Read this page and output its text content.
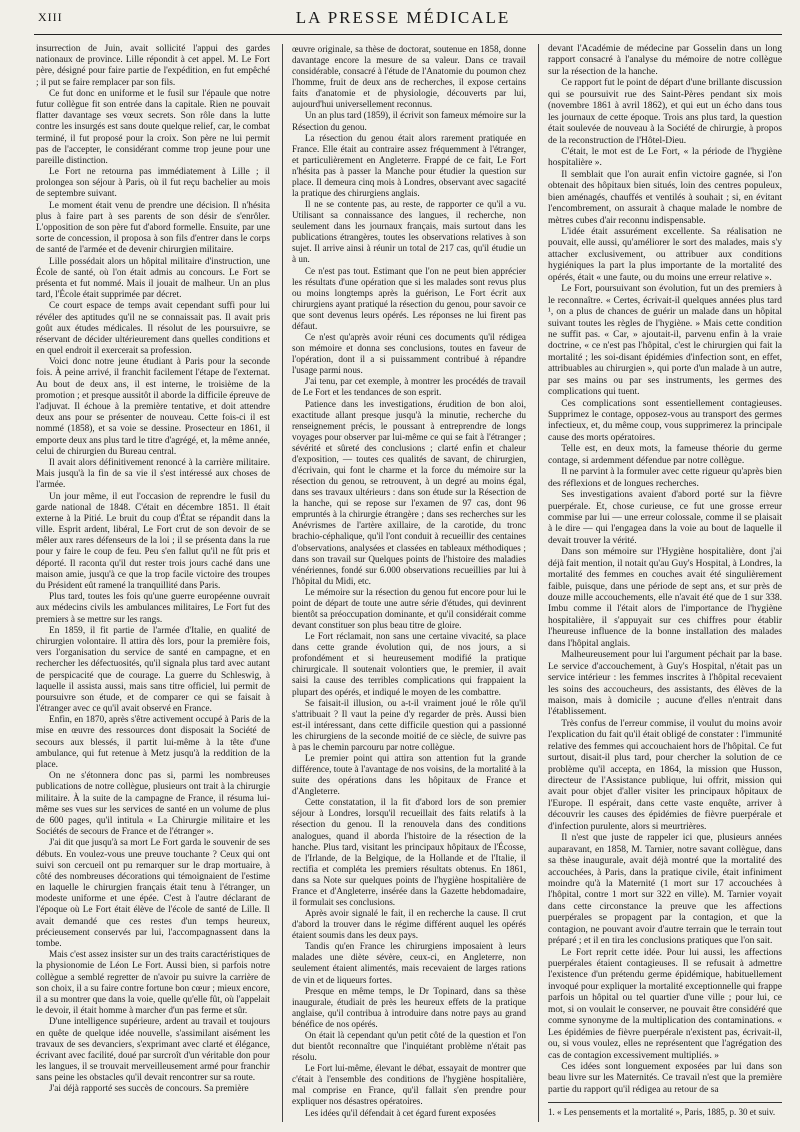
XIII	LA PRESSE MÉDICALE

insurrection de Juin, avait sollicité l'appui des gardes nationaux de province. Lille répondit à cet appel. M. Le Fort père, désigné pour faire partie de l'expédition, en fut empêché ; il put se faire remplacer par son fils.

Ce fut donc en uniforme et le fusil sur l'épaule que notre futur collègue fit son entrée dans la capitale. Rien ne pouvait flatter davantage ses vœux secrets. Son rôle dans la lutte contre les insurgés est sans doute quelque relief, car, le combat terminé, il fut proposé pour la croix. Son père ne lui permit pas de l'accepter, le considérant comme trop jeune pour une pareille distinction.

Le Fort ne retourna pas immédiatement à Lille ; il prolongea son séjour à Paris, où il fut reçu bachelier au mois de septembre suivant.

Le moment était venu de prendre une décision. Il n'hésita plus à faire part à ses parents de son désir de s'enrôler. L'opposition de son père fut d'abord formelle. Ensuite, par une sorte de concession, il proposa à son fils d'entrer dans le corps de santé de l'armée et de devenir chirurgien militaire.

Lille possédait alors un hôpital militaire d'instruction, une École de santé, où l'on était admis au concours. Le Fort se présenta et fut nommé. Mais il jouait de malheur. Un an plus tard, l'École était supprimée par décret.

Ce court espace de temps avait cependant suffi pour lui révéler des aptitudes qu'il ne se connaissait pas. Il avait pris goût aux études médicales. Il résolut de les poursuivre, se réservant de décider ultérieurement dans quelles conditions et en quel endroit il exercerait sa profession.

Voici donc notre jeune étudiant à Paris pour la seconde fois. À peine arrivé, il franchit facilement l'étape de l'externat. Au bout de deux ans, il est interne, le troisième de la promotion ; et presque aussitôt il aborde la difficile épreuve de l'adjuvat. Il échoue à la première tentative, et doit attendre deux ans pour se présenter de nouveau. Cette fois-ci il est nommé (1858), et sa voie se dessine. Prosecteur en 1861, il emporte deux ans plus tard le titre d'agrégé, et, la même année, celui de chirurgien du Bureau central.

Il avait alors définitivement renoncé à la carrière militaire. Mais jusqu'à la fin de sa vie il s'est intéressé aux choses de l'armée.

Un jour même, il eut l'occasion de reprendre le fusil du garde national de 1848. C'était en décembre 1851. Il était externe à la Pitié. Le bruit du coup d'État se répandit dans la ville. Esprit ardent, libéral, Le Fort crut de son devoir de se mêler aux rares défenseurs de la loi ; il se présenta dans la rue pour y faire le coup de feu. Peu s'en fallut qu'il ne fût pris et déporté. Il raconta qu'il dut rester trois jours caché dans une maison amie, jusqu'à ce que la trop facile victoire des troupes du Président eût ramené la tranquillité dans Paris.

Plus tard, toutes les fois qu'une guerre européenne ouvrait aux médecins civils les ambulances militaires, Le Fort fut des premiers à se mettre sur les rangs.

En 1859, il fit partie de l'armée d'Italie, en qualité de chirurgien volontaire. Il attira dès lors, pour la première fois, vers l'organisation du service de santé en campagne, et en rechercher les défectuosités, qu'il signala plus tard avec autant de perspicacité que de courage. La guerre du Schleswig, à laquelle il assista aussi, mais sans titre officiel, lui permit de poursuivre son étude, et de comparer ce qui se faisait à l'étranger avec ce qu'il avait observé en France.

Enfin, en 1870, après s'être activement occupé à Paris de la mise en œuvre des ressources dont disposait la Société de secours aux blessés, il partit lui-même à la tête d'une ambulance, qui fut retenue à Metz jusqu'à la reddition de la place.

On ne s'étonnera donc pas si, parmi les nombreuses publications de notre collègue, plusieurs ont trait à la chirurgie militaire. À la suite de la campagne de France, il résuma lui-même ses vues sur les services de santé en un volume de plus de 600 pages, qu'il intitula « La Chirurgie militaire et les Sociétés de secours de France et de l'étranger ».

J'ai dit que jusqu'à sa mort Le Fort garda le souvenir de ses débuts. En voulez-vous une preuve touchante ? Ceux qui ont suivi son cercueil ont pu remarquer sur le drap mortuaire, à côté des nombreuses décorations qui témoignaient de l'estime en laquelle le chirurgien français était tenu à l'étranger, un modeste uniforme et une épée. C'est à l'autre déclarant de l'époque où Le Fort était élève de l'école de santé de Lille. Il avait demandé que ces restes d'un temps heureux, précieusement conservés par lui, l'accompagnassent dans la tombe.

Mais c'est assez insister sur un des traits caractéristiques de la physionomie de Léon Le Fort. Aussi bien, si parfois notre collègue a semblé regretter de n'avoir pu suivre la carrière de son choix, il a su faire contre fortune bon cœur ; mieux encore, il a su montrer que dans la voie, quelle qu'elle fût, où l'appelait le devoir, il était homme à marcher d'un pas ferme et sûr.

D'une intelligence supérieure, ardent au travail et toujours en quête de quelque idée nouvelle, s'assimilant aisément les travaux de ses devanciers, s'exprimant avec clarté et élégance, écrivant avec facilité, doué par surcroît d'un véritable don pour les langues, il se trouvait merveilleusement armé pour franchir sans peine les obstacles qu'il devait rencontrer sur sa route.

J'ai déjà rapporté ses succès de concours. Sa première

œuvre originale, sa thèse de doctorat, soutenue en 1858, donne davantage encore la mesure de sa valeur. Dans ce travail considérable, consacré à l'étude de l'Anatomie du poumon chez l'homme, fruit de deux ans de recherches, il expose certains faits d'anatomie et de physiologie, découverts par lui, aujourd'hui universellement reconnus.

Un an plus tard (1859), il écrivit son fameux mémoire sur la Résection du genou.

La résection du genou était alors rarement pratiquée en France. Elle était au contraire assez fréquemment à l'étranger, et particulièrement en Angleterre. Frappé de ce fait, Le Fort n'hésita pas à passer la Manche pour étudier la question sur place. Il demeura cinq mois à Londres, observant avec sagacité la pratique des chirurgiens anglais.

Il ne se contente pas, au reste, de rapporter ce qu'il a vu. Utilisant sa connaissance des langues, il recherche, non seulement dans les journaux français, mais surtout dans les publications étrangères, toutes les observations relatives à son sujet. Il arrive ainsi à réunir un total de 217 cas, qu'il étudie un à un.

Ce n'est pas tout. Estimant que l'on ne peut bien apprécier les résultats d'une opération que si les malades sont revus plus ou moins longtemps après la guérison, Le Fort écrit aux chirurgiens ayant pratiqué la résection du genou, pour savoir ce que sont devenus leurs opérés. Les réponses ne lui firent pas défaut.

Ce n'est qu'après avoir réuni ces documents qu'il rédigea son mémoire et donna ses conclusions, toutes en faveur de l'opération, dont il a si puissamment contribué à répandre l'usage parmi nous.

J'ai tenu, par cet exemple, à montrer les procédés de travail de Le Fort et les tendances de son esprit.

Patience dans les investigations, érudition de bon aloi, exactitude allant presque jusqu'à la minutie, recherche du renseignement précis, le poussant à entreprendre de longs voyages pour observer par lui-même ce qui se fait à l'étranger ; sévérité et sûreté des conclusions ; clarté enfin et chaleur d'exposition, — toutes ces qualités de savant, de chirurgien, d'écrivain, qui font le charme et la force du mémoire sur la résection du genou, se retrouvent, à un degré au moins égal, dans ses travaux ultérieurs : dans son étude sur la Résection de la hanche, qui se repose sur l'examen de 97 cas, dont 96 empruntés à la chirurgie étrangère ; dans ses recherches sur les Anévrismes de l'artère axillaire, de la carotide, du tronc brachio-céphalique, qu'il l'ont conduit à recueillir des centaines d'observations, analysées et classées en tableaux méthodiques ; dans son travail sur Quelques points de l'histoire des maladies vénériennes, fondé sur 6.000 observations recueillies par lui à l'hôpital du Midi, etc.

Le mémoire sur la résection du genou fut encore pour lui le point de départ de toute une autre série d'études, qui devinrent bientôt sa préoccupation dominante, et qu'il considérait comme devant constituer son plus beau titre de gloire.

Le Fort réclamait, non sans une certaine vivacité, sa place dans cette grande évolution qui, de nos jours, a si profondément et si heureusement modifié la pratique chirurgicale. Il soutenait volontiers que, le premier, il avait saisi la cause des terribles complications qui frappaient la plupart des opérés, et indiqué le moyen de les combattre.

Se faisait-il illusion, ou a-t-il vraiment joué le rôle qu'il s'attribuait ? Il vaut la peine d'y regarder de près. Aussi bien est-il intéressant, dans cette difficile question qui a passionné les chirurgiens de la seconde moitié de ce siècle, de suivre pas à pas le chemin parcouru par notre collègue.

Le premier point qui attira son attention fut la grande différence, toute à l'avantage de nos voisins, de la mortalité à la suite des opérations dans les hôpitaux de France et d'Angleterre.

Cette constatation, il la fit d'abord lors de son premier séjour à Londres, lorsqu'il recueillait des faits relatifs à la résection du genou. Il la renouvela dans des conditions analogues, quand il aborda l'histoire de la résection de la hanche. Plus tard, visitant les principaux hôpitaux de l'Écosse, de l'Irlande, de la Belgique, de la Hollande et de l'Italie, il rectifia et compléta les premiers résultats obtenus. En 1861, dans sa Note sur quelques points de l'hygiène hospitalière de France et d'Angleterre, insérée dans la Gazette hebdomadaire, il formulait ses conclusions.

Après avoir signalé le fait, il en recherche la cause. Il crut d'abord la trouver dans le régime différent auquel les opérés étaient soumis dans les deux pays.

Tandis qu'en France les chirurgiens imposaient à leurs malades une diète sévère, ceux-ci, en Angleterre, non seulement étaient alimentés, mais recevaient de larges rations de vin et de liqueurs fortes.

Presque en même temps, le Dr Topinard, dans sa thèse inaugurale, étudiait de près les heureux effets de la pratique anglaise, qu'il contribua à introduire dans notre pays au grand bénéfice de nos opérés.

On était là cependant qu'un petit côté de la question et l'on dut bientôt reconnaître que l'inquiétant problème n'était pas résolu.

Le Fort lui-même, élevant le débat, essayait de montrer que c'était à l'ensemble des conditions de l'hygiène hospitalière, mal comprise en France, qu'il fallait s'en prendre pour expliquer nos désastres opératoires.

Les idées qu'il défendait à cet égard furent exposées

devant l'Académie de médecine par Gosselin dans un long rapport consacré à l'analyse du mémoire de notre collègue sur la résection de la hanche.

Ce rapport fut le point de départ d'une brillante discussion qui se poursuivit rue des Saint-Pères pendant six mois (novembre 1861 à avril 1862), et qui eut un écho dans tous les journaux de cette époque. Trois ans plus tard, la question était soulevée de nouveau à la Société de chirurgie, à propos de la reconstruction de l'Hôtel-Dieu.

C'était, le mot est de Le Fort, « la période de l'hygiène hospitalière ».

Il semblait que l'on aurait enfin victoire gagnée, si l'on obtenait des hôpitaux bien situés, loin des centres populeux, bien aménagés, chauffés et ventilés à souhait ; si, en évitant l'encombrement, on assurait à chaque malade le nombre de mètres cubes d'air reconnu indispensable.

L'idée était assurément excellente. Sa réalisation ne pouvait, elle aussi, qu'améliorer le sort des malades, mais s'y attacher exclusivement, ou attribuer aux conditions hygiéniques la part la plus importante de la mortalité des opérés, était « une faute, ou du moins une erreur relative ».

Le Fort, poursuivant son évolution, fut un des premiers à le reconnaître. « Certes, écrivait-il quelques années plus tard ¹, on a plus de chances de guérir un malade dans un hôpital suivant toutes les règles de l'hygiène. » Mais cette condition ne suffit pas. « Car, » ajoutait-il, parvenu enfin à la vraie doctrine, « ce n'est pas l'hôpital, c'est le chirurgien qui fait la mortalité ; les soi-disant épidémies d'infection sont, en effet, attribuables au chirurgien », qui porte d'un malade à un autre, par ses mains ou par ses instruments, les germes des complications qui tuent.

Ces complications sont essentiellement contagieuses. Supprimez le contage, opposez-vous au transport des germes infectieux, et, du même coup, vous supprimerez la principale cause des morts opératoires.

Telle est, en deux mots, la fameuse théorie du germe contage, si ardemment défendue par notre collègue.

Il ne parvint à la formuler avec cette rigueur qu'après bien des réflexions et de longues recherches.

Ses investigations avaient d'abord porté sur la fièvre puerpérale. Et, chose curieuse, ce fut une grosse erreur commise par lui — une erreur colossale, comme il se plaisait à le dire — qui l'engagea dans la voie au bout de laquelle il devait trouver la vérité.

Dans son mémoire sur l'Hygiène hospitalière, dont j'ai déjà fait mention, il notait qu'au Guy's Hospital, à Londres, la mortalité des femmes en couches avait été singulièrement faible, puisque, dans une période de sept ans, et sur près de douze mille accouchements, elle n'avait été que de 1 sur 338. Imbu comme il l'était alors de l'importance de l'hygiène hospitalière, il s'appuyait sur ces chiffres pour établir l'heureuse influence de la bonne installation des malades dans l'hôpital anglais.

Malheureusement pour lui l'argument péchait par la base. Le service d'accouchement, à Guy's Hospital, n'était pas un service intérieur : les femmes inscrites à l'hôpital recevaient les soins des accoucheurs, des assistants, des élèves de la maison, mais à domicile ; aucune d'elles n'entrait dans l'établissement.

Très confus de l'erreur commise, il voulut du moins avoir l'explication du fait qu'il était obligé de constater : l'immunité relative des femmes qui accouchaient hors de l'hôpital. Ce fut surtout, disait-il plus tard, pour chercher la solution de ce problème qu'il accepta, en 1864, la mission que Husson, directeur de l'Assistance publique, lui offrit, mission qui avait pour objet d'aller visiter les principaux hôpitaux de l'Europe. Il espérait, dans cette vaste enquête, arriver à découvrir les causes des épidémies de fièvre puerpérale et d'infection purulente, alors si meurtrières.

Il n'est que juste de rappeler ici que, plusieurs années auparavant, en 1858, M. Tarnier, notre savant collègue, dans sa thèse inaugurale, avait déjà montré que la mortalité des accouchées, à Paris, dans la pratique civile, était infiniment moindre qu'à la Maternité (1 mort sur 17 accouchées à l'hôpital, contre 1 mort sur 322 en ville). M. Tarnier voyait dans cette circonstance la preuve que les affections puerpérales se propagent par la contagion, et que la contagion, ne pouvant avoir d'autre terrain que le terrain tout préparé ; et il en tira les conclusions pratiques que l'on sait.

Le Fort reprit cette idée. Pour lui aussi, les affections puerpérales étaient contagieuses. Il se refusait à admettre l'existence d'un prétendu germe épidémique, habituellement invoqué pour expliquer la mortalité exceptionnelle qui frappe parfois un hôpital ou tel quartier d'une ville ; pour lui, ce mot, si on voulait le conserver, ne pouvait être considéré que comme synonyme de la multiplication des contaminations. « Les épidémies de fièvre puerpérale n'existent pas, écrivait-il, ou, si vous voulez, elles ne représentent que l'agrégation des cas de contagion excessivement multipliés. »

Ces idées sont longuement exposées par lui dans son beau livre sur les Maternités. Ce travail n'est que la première partie du rapport qu'il rédigea au retour de sa

1. « Les pensements et la mortalité », Paris, 1885, p. 30 et suiv.
